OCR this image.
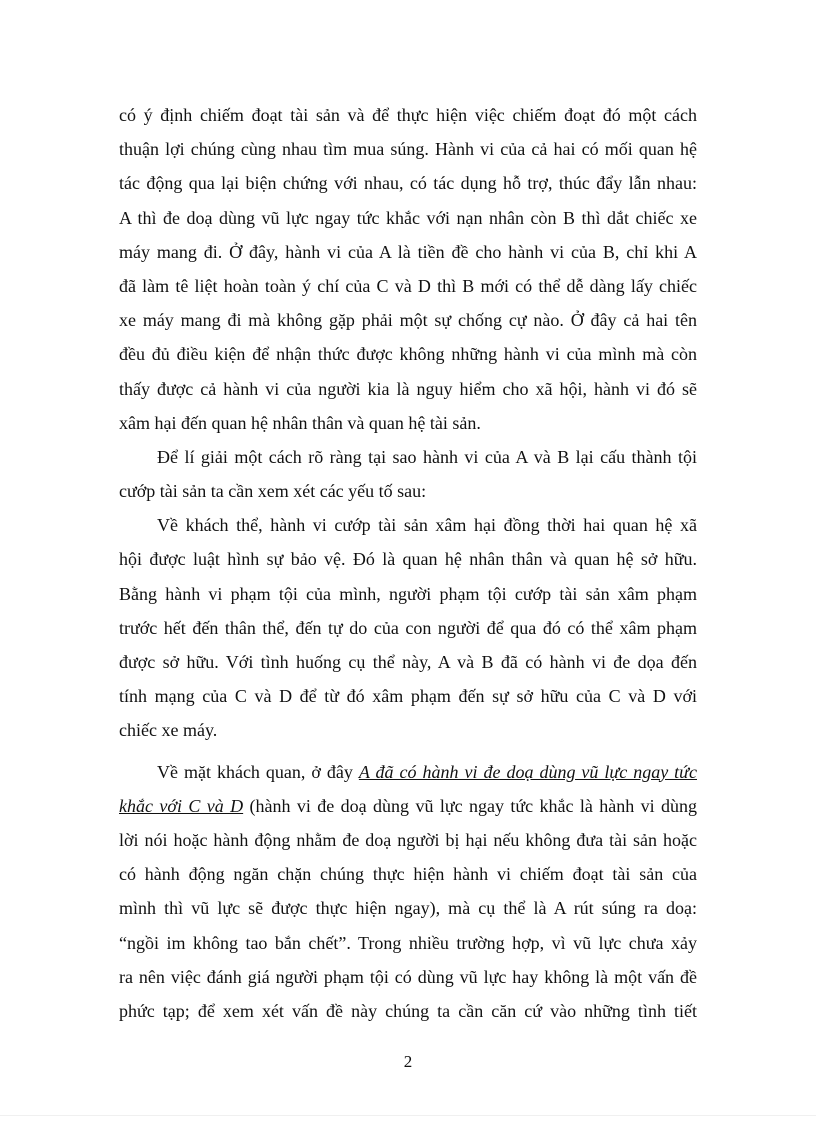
có ý định chiếm đoạt tài sản và để thực hiện việc chiếm đoạt đó một cách
thuận lợi chúng cùng nhau tìm mua súng. Hành vi của cả hai có mối quan hệ
tác động qua lại biện chứng với nhau, có tác dụng hỗ trợ, thúc đẩy lẫn nhau:
A thì đe doạ dùng vũ lực ngay tức khắc với nạn nhân còn B thì dắt chiếc xe
máy mang đi. Ở đây, hành vi của A là tiền đề cho hành vi của B, chỉ khi A
đã làm tê liệt hoàn toàn ý chí của C và D thì B mới có thể dễ dàng lấy chiếc
xe máy mang đi mà không gặp phải một sự chống cự nào. Ở đây cả hai tên
đều đủ điều kiện để nhận thức được không những hành vi của mình mà còn
thấy được cả hành vi của người kia là nguy hiểm cho xã hội, hành vi đó sẽ
xâm hại đến quan hệ nhân thân và quan hệ tài sản.
Để lí giải một cách rõ ràng tại sao hành vi của A và B lại cấu thành tội
cướp tài sản ta cần xem xét các yếu tố sau:
Về khách thể, hành vi cướp tài sản xâm hại đồng thời hai quan hệ xã
hội được luật hình sự bảo vệ. Đó là quan hệ nhân thân và quan hệ sở hữu.
Bằng hành vi phạm tội của mình, người phạm tội cướp tài sản xâm phạm
trước hết đến thân thể, đến tự do của con người để qua đó có thể xâm phạm
được sở hữu. Với tình huống cụ thể này, A và B đã có hành vi đe dọa đến
tính mạng của C và D để từ đó xâm phạm đến sự sở hữu của C và D với
chiếc xe máy.
Về mặt khách quan, ở đây A đã có hành vi đe doạ dùng vũ lực ngay tức
khắc với C và D (hành vi đe doạ dùng vũ lực ngay tức khắc là hành vi dùng
lời nói hoặc hành động nhằm đe doạ người bị hại nếu không đưa tài sản hoặc
có hành động ngăn chặn chúng thực hiện hành vi chiếm đoạt tài sản của
mình thì vũ lực sẽ được thực hiện ngay), mà cụ thể là A rút súng ra doạ:
“ngồi im không tao bắn chết”. Trong nhiều trường hợp, vì vũ lực chưa xảy
ra nên việc đánh giá người phạm tội có dùng vũ lực hay không là một vấn đề
phức tạp; để xem xét vấn đề này chúng ta cần căn cứ vào những tình tiết
2
